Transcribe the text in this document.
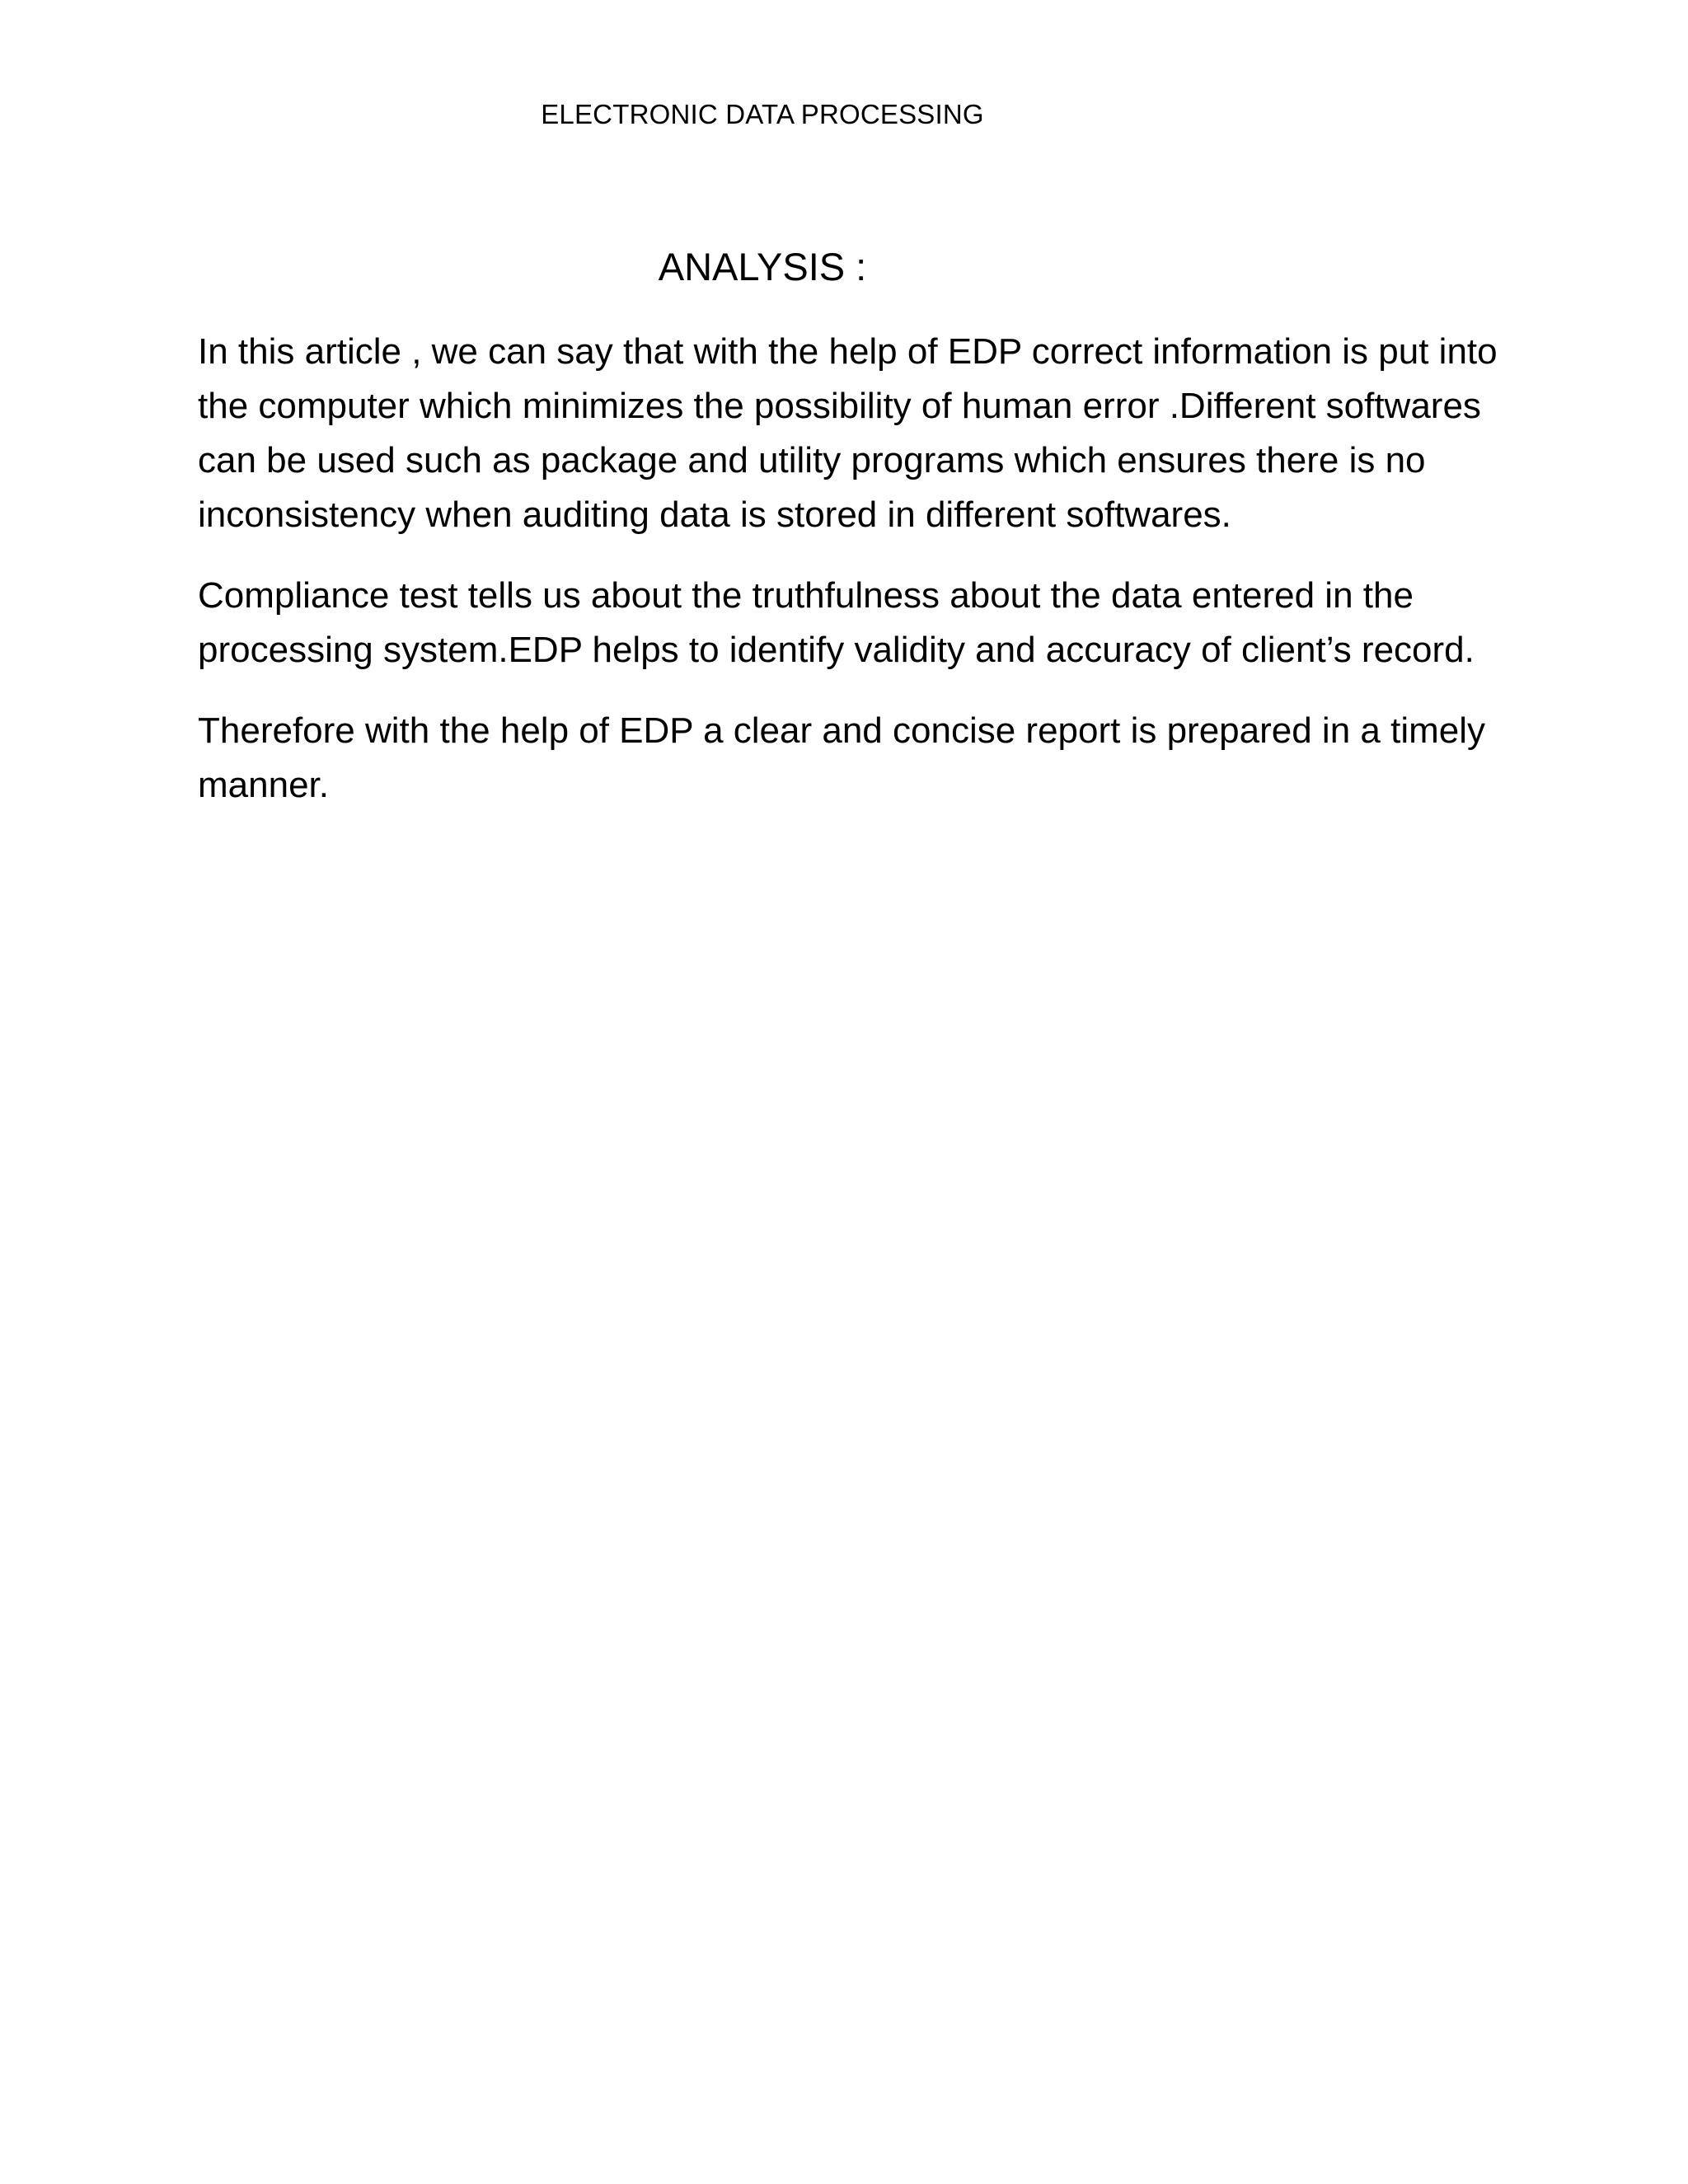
ELECTRONIC DATA PROCESSING
ANALYSIS :

In this article , we can say that with the help of EDP correct information is put into the computer which minimizes the possibility of human error .Different softwares can be used such as package and utility programs which ensures there is no inconsistency when auditing data is stored in different softwares.

Compliance test tells us about the truthfulness about the data entered in the processing system.EDP helps to identify validity and accuracy of client’s record.

Therefore with the help of EDP a clear and concise report is prepared in a timely manner.
